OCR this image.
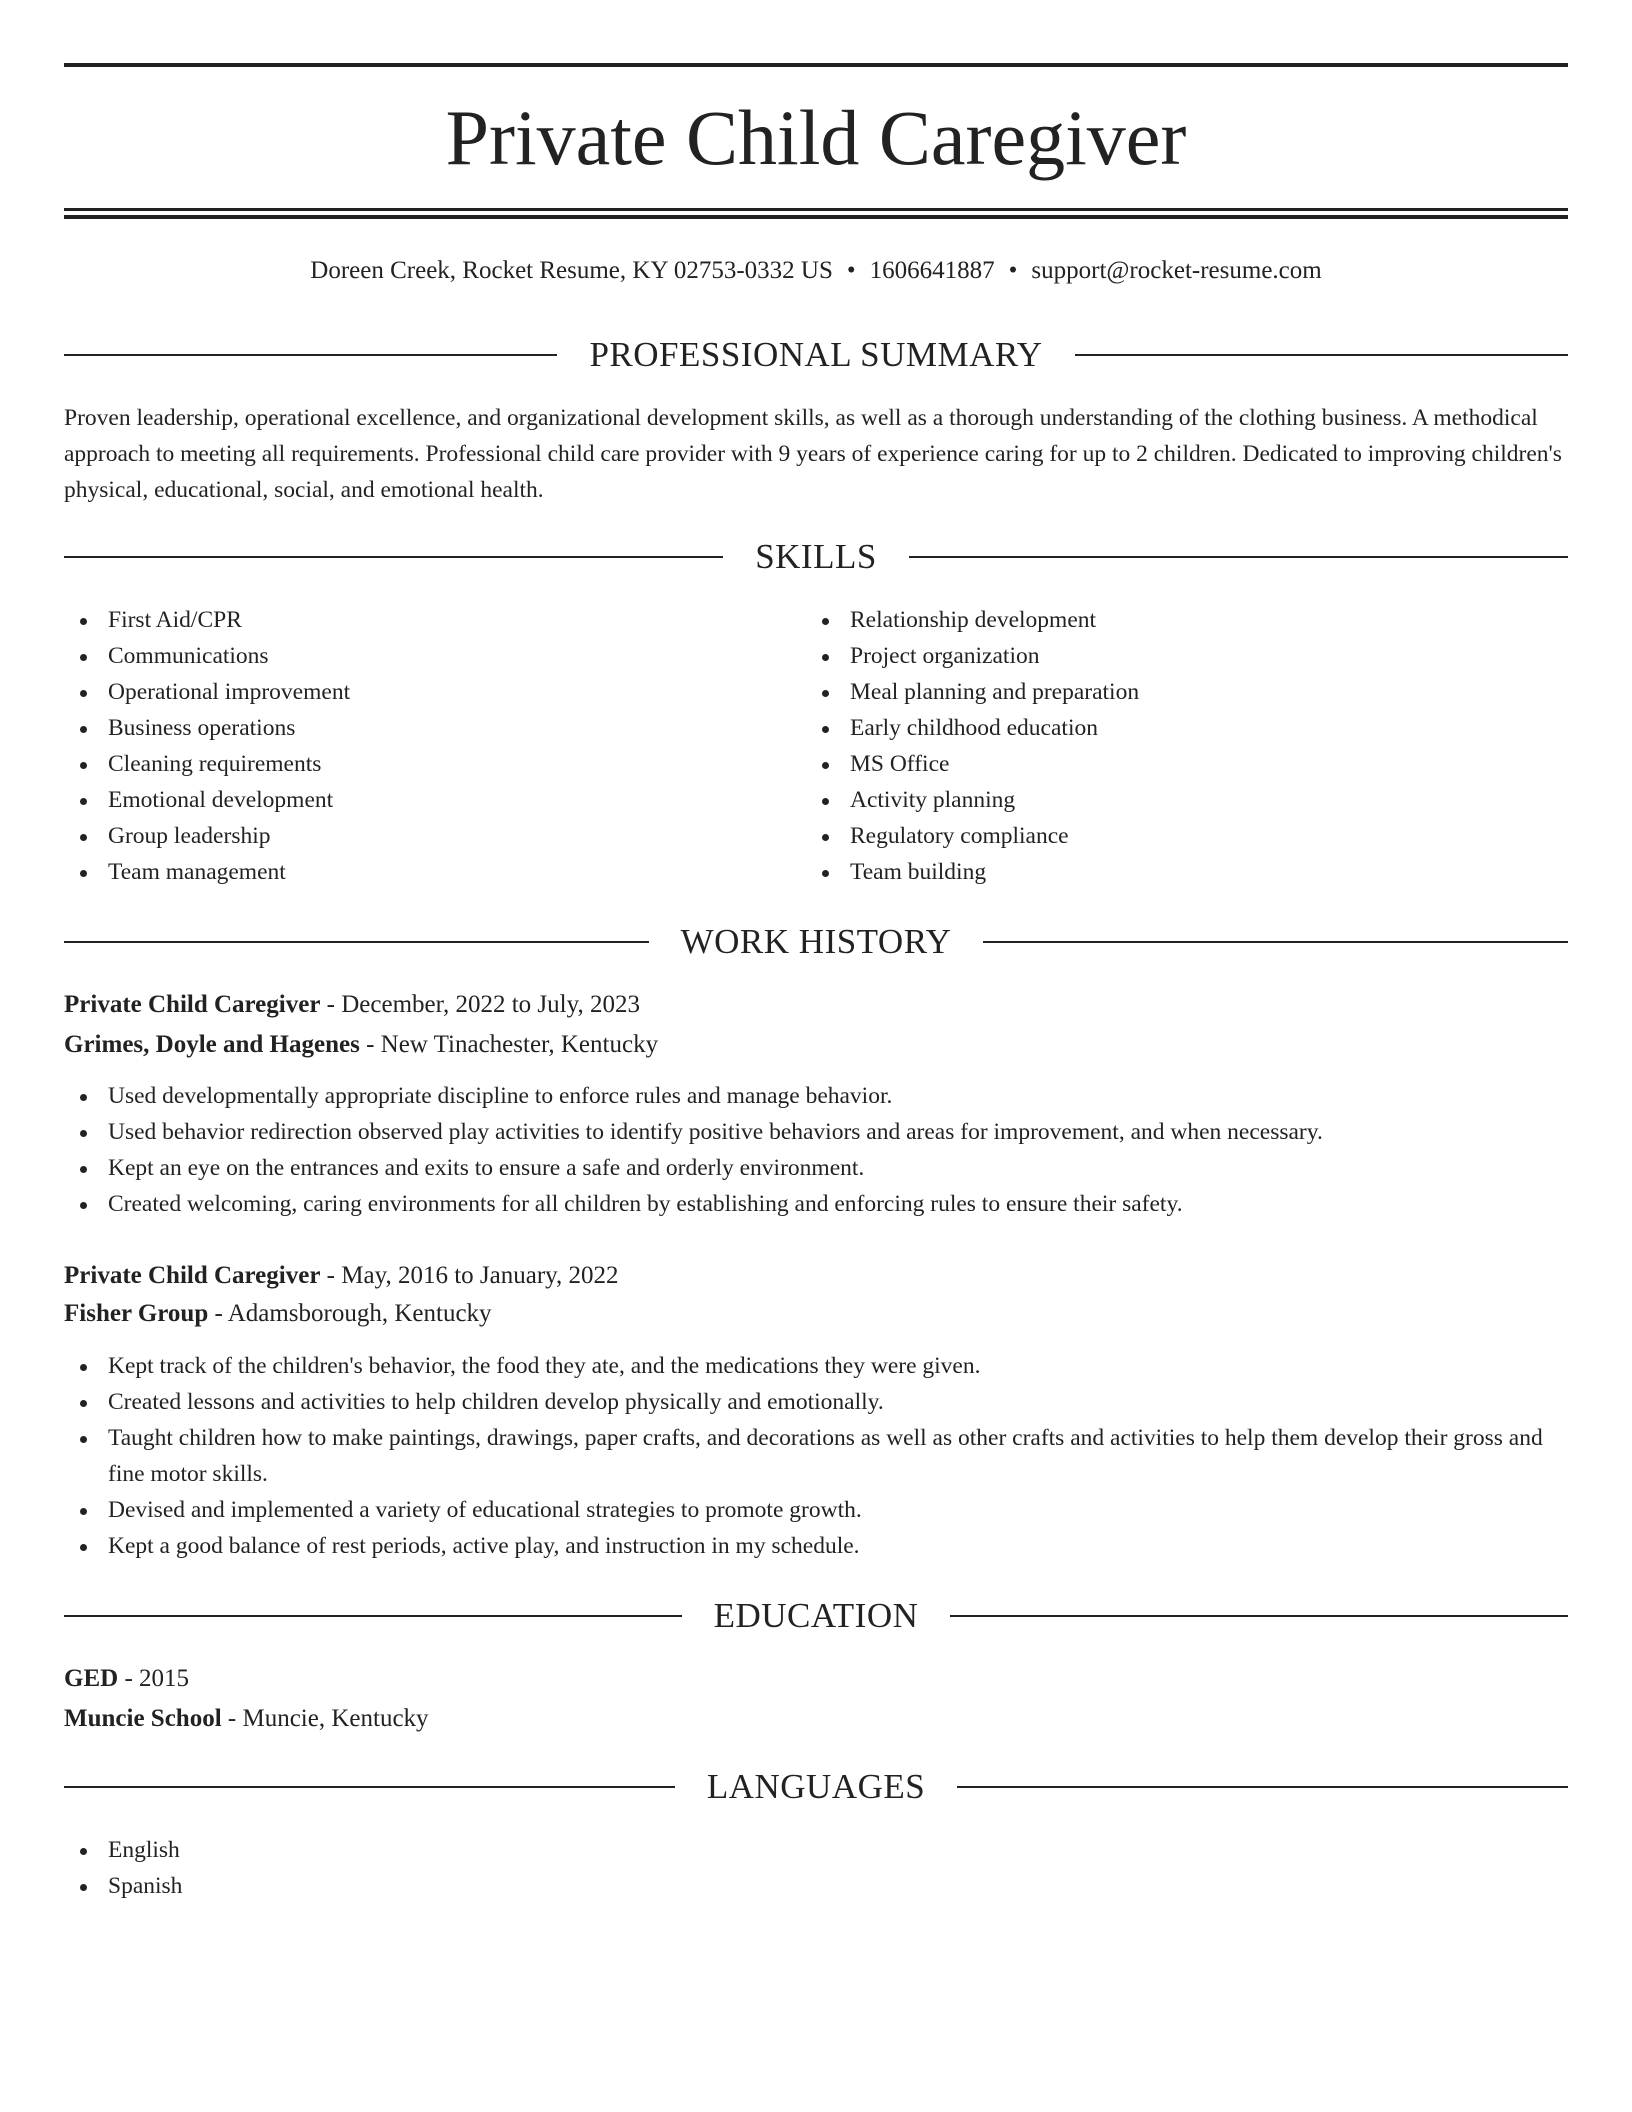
Private Child Caregiver
Doreen Creek, Rocket Resume, KY 02753-0332 US • 1606641887 • support@rocket-resume.com
PROFESSIONAL SUMMARY

Proven leadership, operational excellence, and organizational development skills, as well as a thorough understanding of the clothing business. A methodical approach to meeting all requirements. Professional child care provider with 9 years of experience caring for up to 2 children. Dedicated to improving children's physical, educational, social, and emotional health.

SKILLS
First Aid/CPR
Communications
Operational improvement
Business operations
Cleaning requirements
Emotional development
Group leadership
Team management
Relationship development
Project organization
Meal planning and preparation
Early childhood education
MS Office
Activity planning
Regulatory compliance
Team building
WORK HISTORY
Private Child Caregiver - December, 2022 to July, 2023
Grimes, Doyle and Hagenes - New Tinachester, Kentucky
Used developmentally appropriate discipline to enforce rules and manage behavior.
Used behavior redirection observed play activities to identify positive behaviors and areas for improvement, and when necessary.
Kept an eye on the entrances and exits to ensure a safe and orderly environment.
Created welcoming, caring environments for all children by establishing and enforcing rules to ensure their safety.
Private Child Caregiver - May, 2016 to January, 2022
Fisher Group - Adamsborough, Kentucky
Kept track of the children's behavior, the food they ate, and the medications they were given.
Created lessons and activities to help children develop physically and emotionally.
Taught children how to make paintings, drawings, paper crafts, and decorations as well as other crafts and activities to help them develop their gross and fine motor skills.
Devised and implemented a variety of educational strategies to promote growth.
Kept a good balance of rest periods, active play, and instruction in my schedule.
EDUCATION
GED - 2015
Muncie School - Muncie, Kentucky
LANGUAGES
English
Spanish
